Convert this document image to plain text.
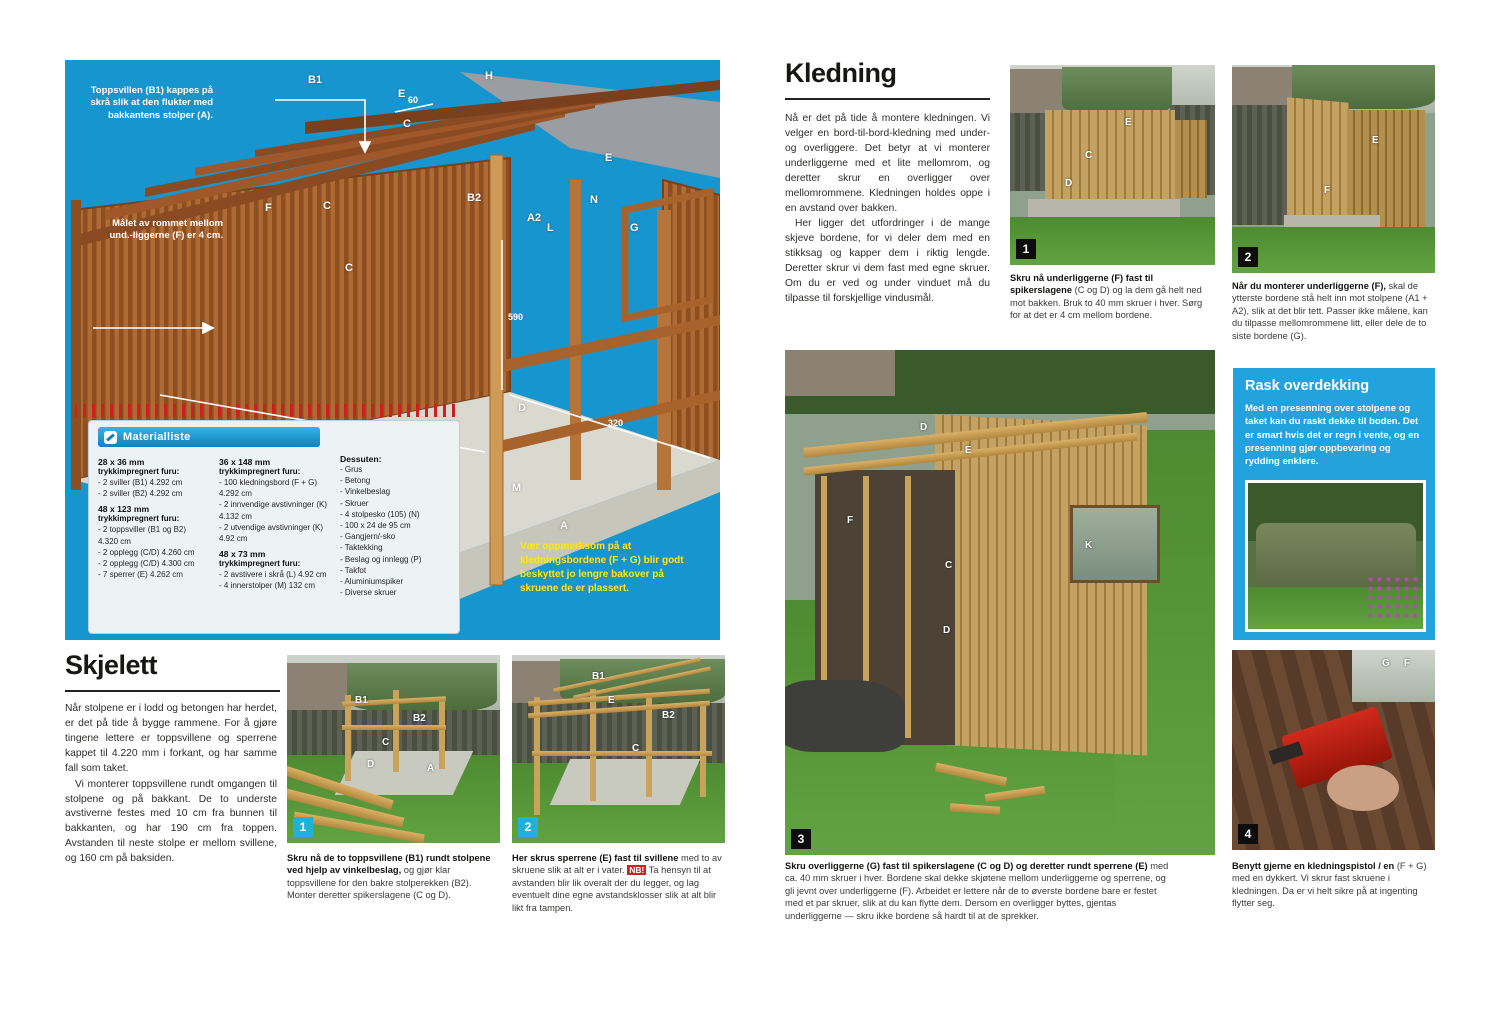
Toppsvillen (B1) kappes på skrå slik at den flukter med bakkantens stolper (A).
Målet av rommet mellom und.-liggerne (F) er 4 cm.
Vær oppmerksom på at kledningsbordene (F + G) blir godt beskyttet jo lengre bakover på skruene de er plassert.
B1	H
E
C
E
F	C
B2
A2
L
N
G
C
M
D
A
60
320
590
Materialliste

28 x 36 mm

trykkimpregnert furu:

- 2 sviller (B1) 4.292 cm

- 2 sviller (B2) 4.292 cm

48 x 123 mm

trykkimpregnert furu:

- 2 toppsviller (B1 og B2) 4.320 cm

- 2 opplegg (C/D) 4.260 cm

- 2 opplegg (C/D) 4.300 cm

- 7 sperrer (E) 4.262 cm

36 x 148 mm

trykkimpregnert furu:

- 100 kledningsbord (F + G) 4.292 cm

- 2 innvendige avstivninger (K) 4.132 cm

- 2 utvendige avstivninger (K) 4.92 cm

48 x 73 mm

trykkimpregnert furu:

- 2 avstivere i skrå (L) 4.92 cm

- 4 innerstolper (M) 132 cm

Dessuten:

- Grus

- Betong

- Vinkelbeslag

- Skruer

- 4 stolpesko (105) (N)

- 100 x 24 de 95 cm

- Gangjern/-sko

- Taktekking

- Beslag og innlegg (P)

- Takfot

- Aluminiumspiker

- Diverse skruer

Skjelett

Når stolpene er i lodd og betongen har herdet, er det på tide å bygge rammene. For å gjøre tingene lettere er toppsvillene og sperrene kappet til 4.220 mm i forkant, og har samme fall som taket.

Vi monterer toppsvillene rundt omgangen til stolpene og på bakkant. De to underste avstiverne festes med 10 cm fra bunnen til bakkanten, og har 190 cm fra toppen. Avstanden til neste stolpe er mellom svillene, og 160 cm på baksiden.

B1
B2
C
D	A
1
Skru nå de to toppsvillene (B1) rundt stolpene ved hjelp av vinkelbeslag, og gjør klar toppsvillene for den bakre stolperekken (B2). Monter deretter spikerslagene (C og D).
B1
E
B2
C
2
Her skrus sperrene (E) fast til svillene med to av skruene slik at alt er i vater. NB! Ta hensyn til at avstanden blir lik overalt der du legger, og lag eventuelt dine egne avstandsklosser slik at alt blir likt fra tampen.
Kledning

Nå er det på tide å montere kledningen. Vi velger en bord-til-bord-kledning med under- og overliggere. Det betyr at vi monterer underliggerne med et lite mellomrom, og deretter skrur en overligger over mellomrommene. Kledningen holdes oppe i en avstand over bakken.

Her ligger det utfordringer i de mange skjeve bordene, for vi deler dem med en stikksag og kapper dem i riktig lengde. Deretter skrur vi dem fast med egne skruer. Om du er ved og under vinduet må du tilpasse til forskjellige vindusmål.

E
C
D
1
Skru nå underliggerne (F) fast til spikerslagene (C og D) og la dem gå helt ned mot bakken. Bruk to 40 mm skruer i hver. Sørg for at det er 4 cm mellom bordene.
E
F
2
Når du monterer underliggerne (F), skal de ytterste bordene stå helt inn mot stolpene (A1 + A2), slik at det blir tett. Passer ikke målene, kan du tilpasse mellomrommene litt, eller dele de to siste bordene (G).
D
E
F
C
D
K
3
Skru overliggerne (G) fast til spikerslagene (C og D) og deretter rundt sperrene (E) med ca. 40 mm skruer i hver. Bordene skal dekke skjøtene mellom underliggerne og sperrene, og gli jevnt over underliggerne (F). Arbeidet er lettere når de to øverste bordene bare er festet med et par skruer, slik at du kan flytte dem. Dersom en overligger byttes, gjentas underliggerne — skru ikke bordene så hardt til at de sprekker.
Rask overdekking

Med en presenning over stolpene og taket kan du raskt dekke til boden. Det er smart hvis det er regn i vente, og en presenning gjør oppbevaring og rydding enklere.

G F
4
Benytt gjerne en kledningspistol / en (F + G) med en dykkert. Vi skrur fast skruene i kledningen. Da er vi helt sikre på at ingenting flytter seg.
